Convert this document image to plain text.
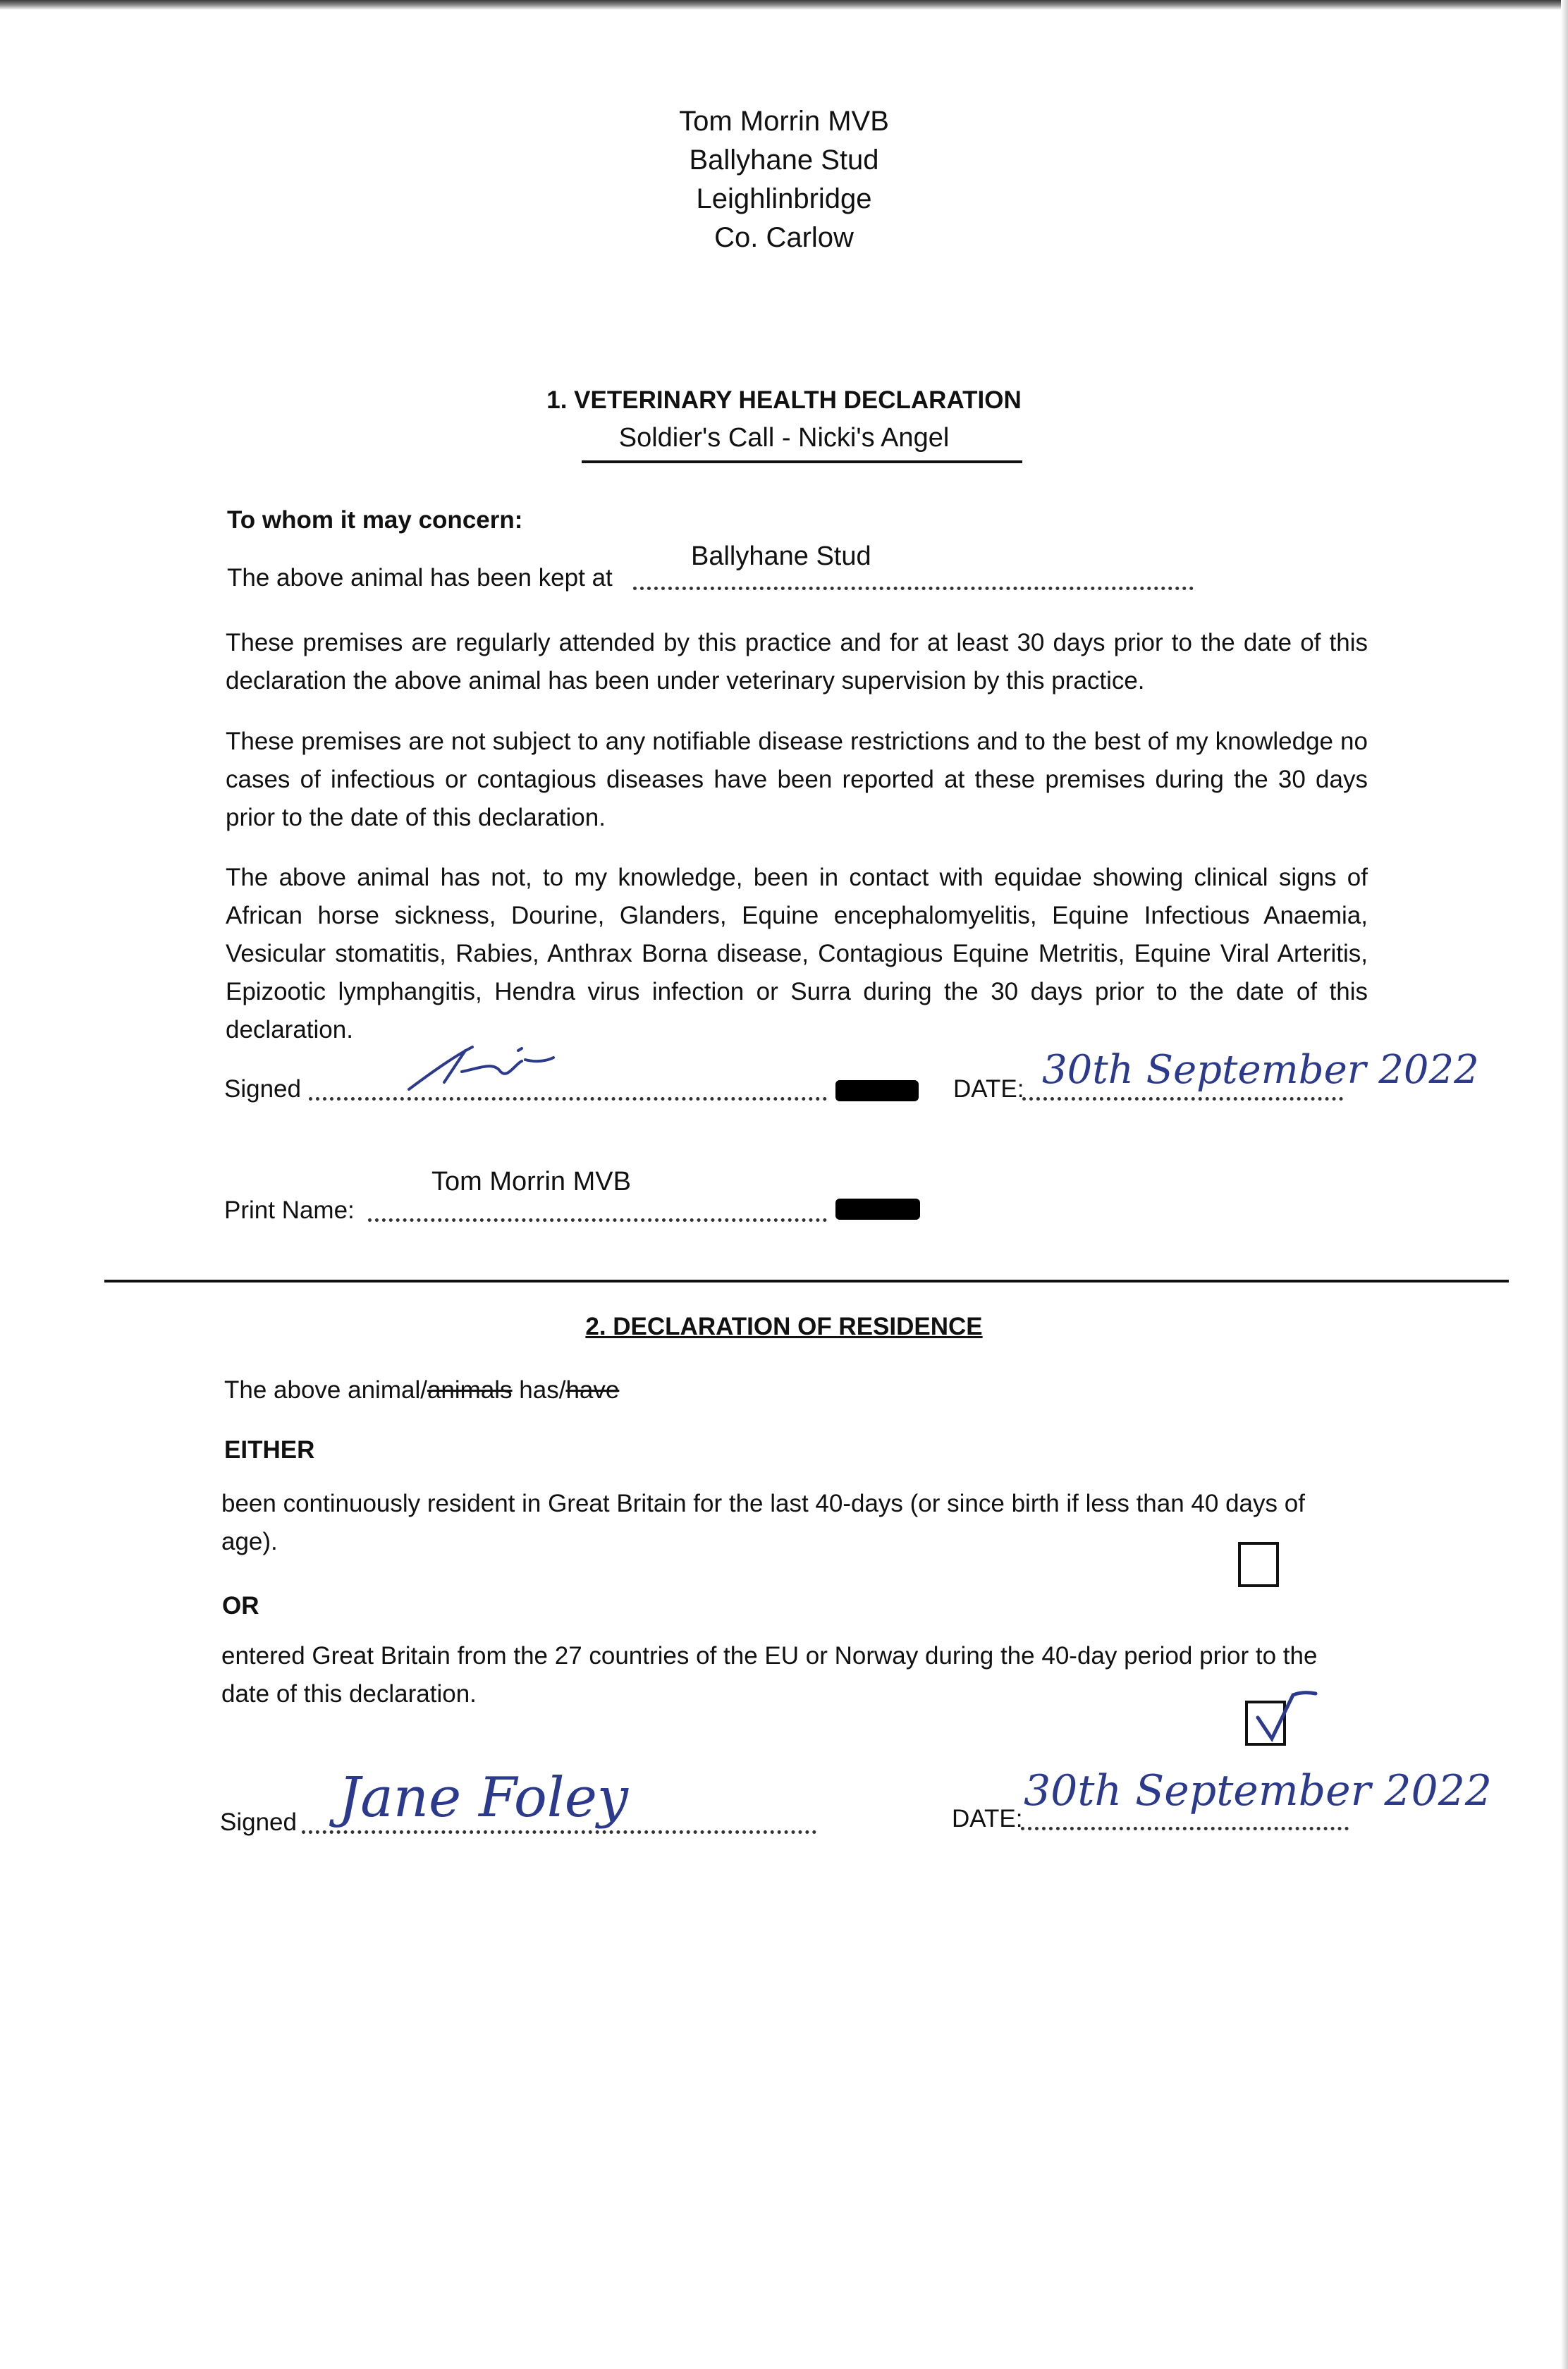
Tom Morrin MVB
Ballyhane Stud
Leighlinbridge
Co. Carlow
1. VETERINARY HEALTH DECLARATION
Soldier's Call - Nicki's Angel
To whom it may concern:
Ballyhane Stud
The above animal has been kept at
These premises are regularly attended by this practice and for at least 30 days prior to the date of this declaration the above animal has been under veterinary supervision by this practice.
These premises are not subject to any notifiable disease restrictions and to the best of my knowledge no cases of infectious or contagious diseases have been reported at these premises during the 30 days prior to the date of this declaration.
The above animal has not, to my knowledge, been in contact with equidae showing clinical signs of African horse sickness, Dourine, Glanders, Equine encephalomyelitis, Equine Infectious Anaemia, Vesicular stomatitis, Rabies, Anthrax Borna disease, Contagious Equine Metritis, Equine Viral Arteritis, Epizootic lymphangitis, Hendra virus infection or Surra during the 30 days prior to the date of this declaration.
Signed	DATE: 30th September 2022
Tom Morrin MVB
Print Name:
2. DECLARATION OF RESIDENCE
The above animal/animals has/have
EITHER
been continuously resident in Great Britain for the last 40-days (or since birth if less than 40 days of age).
OR
entered Great Britain from the 27 countries of the EU or Norway during the 40-day period prior to the date of this declaration.
Signed Jane Foley	DATE:
30th September 2022
